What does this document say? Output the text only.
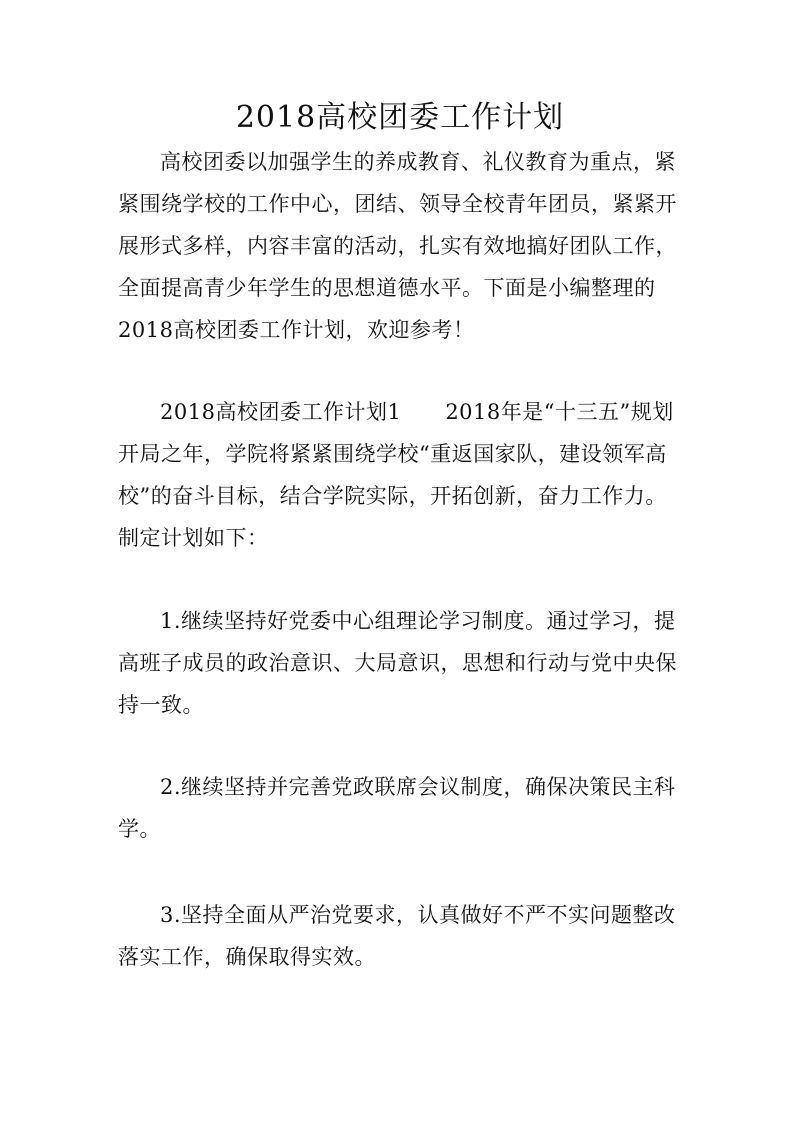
2018高校团委工作计划

高校团委以加强学生的养成教育、礼仪教育为重点，紧紧围绕学校的工作中心，团结、领导全校青年团员，紧紧开展形式多样，内容丰富的活动，扎实有效地搞好团队工作，全面提高青少年学生的思想道德水平。下面是小编整理的2018高校团委工作计划，欢迎参考！

2018高校团委工作计划1 2018年是“十三五”规划开局之年，学院将紧紧围绕学校“重返国家队，建设领军高校”的奋斗目标，结合学院实际，开拓创新，奋力工作力。制定计划如下：

1.继续坚持好党委中心组理论学习制度。通过学习，提高班子成员的政治意识、大局意识，思想和行动与党中央保持一致。

2.继续坚持并完善党政联席会议制度，确保决策民主科学。

3.坚持全面从严治党要求，认真做好不严不实问题整改落实工作，确保取得实效。
